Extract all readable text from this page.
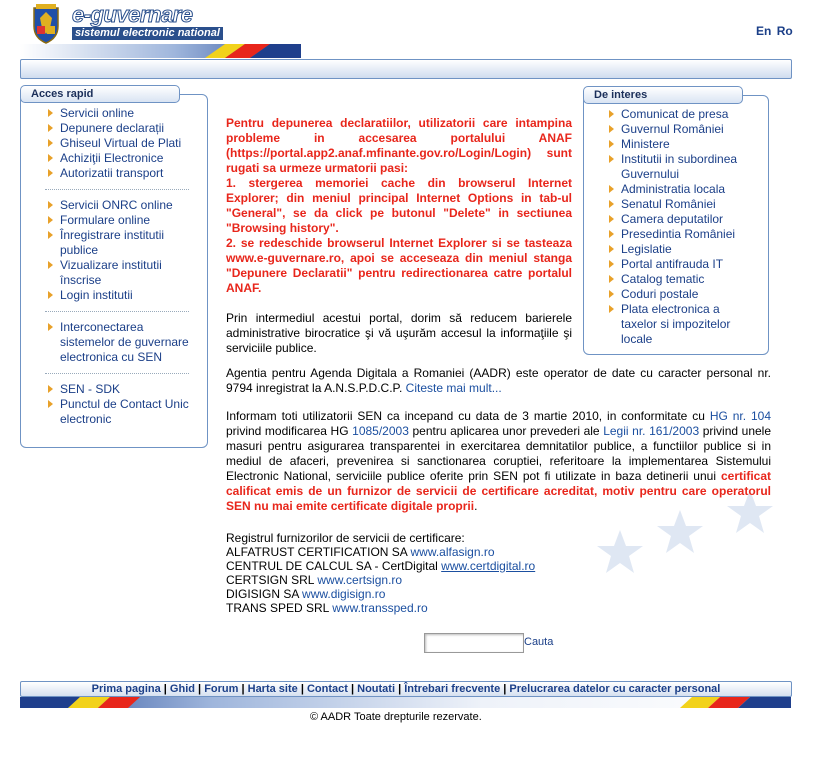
e-guvernare
sistemul electronic national	En Ro
Acces rapid
Servicii online
Depunere declarații
Ghiseul Virtual de Plati
Achiziţii Electronice
Autorizatii transport
Servicii ONRC online
Formulare online
Înregistrare institutii publice
Vizualizare institutii înscrise
Login institutii
Interconectarea sistemelor de guvernare electronica cu SEN
SEN - SDK
Punctul de Contact Unic electronic
De interes
Comunicat de presa
Guvernul României
Ministere
Institutii in subordinea Guvernului
Administratia locala
Senatul României
Camera deputatilor
Presedintia României
Legislatie
Portal antifrauda IT
Catalog tematic
Coduri postale
Plata electronica a taxelor si impozitelor locale

Pentru depunerea declaratiilor, utilizatorii care intampina probleme in accesarea portalului ANAF (https://portal.app2.anaf.mfinante.gov.ro/Login/Login) sunt rugati sa urmeze urmatorii pasi:

1. stergerea memoriei cache din browserul Internet Explorer; din meniul principal Internet Options in tab-ul "General", se da click pe butonul "Delete" in sectiunea "Browsing history".

2. se redeschide browserul Internet Explorer si se tasteaza www.e-guvernare.ro, apoi se acceseaza din meniul stanga "Depunere Declaratii" pentru redirectionarea catre portalul ANAF.

Prin intermediul acestui portal, dorim să reducem barierele administrative birocratice şi vă uşurăm accesul la informaţiile şi serviciile publice.

Agentia pentru Agenda Digitala a Romaniei (AADR) este operator de date cu caracter personal nr. 9794 inregistrat la A.N.S.P.D.C.P. Citeste mai mult...

Informam toti utilizatorii SEN ca incepand cu data de 3 martie 2010, in conformitate cu HG nr. 104 privind modificarea HG 1085/2003 pentru aplicarea unor prevederi ale Legii nr. 161/2003 privind unele masuri pentru asigurarea transparentei in exercitarea demnitatilor publice, a functiilor publice si in mediul de afaceri, prevenirea si sanctionarea coruptiei, referitoare la implementarea Sistemului Electronic National, serviciile publice oferite prin SEN pot fi utilizate in baza detinerii unui certificat calificat emis de un furnizor de servicii de certificare acreditat, motiv pentru care operatorul SEN nu mai emite certificate digitale proprii.

Registrul furnizorilor de servicii de certificare:
ALFATRUST CERTIFICATION SA www.alfasign.ro
CENTRUL DE CALCUL SA - CertDigital www.certdigital.ro
CERTSIGN SRL www.certsign.ro
DIGISIGN SA www.digisign.ro
TRANS SPED SRL www.transsped.ro
Cauta
Prima pagina | Ghid | Forum | Harta site | Contact | Noutati | Întrebari frecvente | Prelucrarea datelor cu caracter personal
© AADR Toate drepturile rezervate.
